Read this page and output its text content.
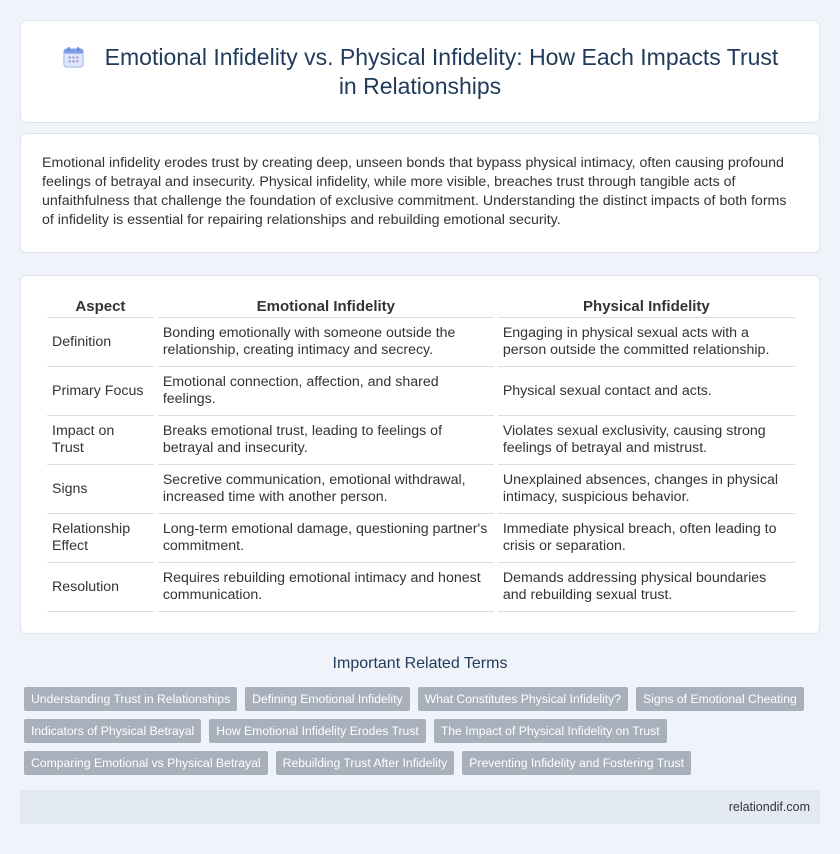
Emotional Infidelity vs. Physical Infidelity: How Each Impacts Trust in Relationships

Emotional infidelity erodes trust by creating deep, unseen bonds that bypass physical intimacy, often causing profound feelings of betrayal and insecurity. Physical infidelity, while more visible, breaches trust through tangible acts of unfaithfulness that challenge the foundation of exclusive commitment. Understanding the distinct impacts of both forms of infidelity is essential for repairing relationships and rebuilding emotional security.

Aspect	Emotional Infidelity	Physical Infidelity
Definition	Bonding emotionally with someone outside the relationship, creating intimacy and secrecy.	Engaging in physical sexual acts with a person outside the committed relationship.
Primary Focus	Emotional connection, affection, and shared feelings.	Physical sexual contact and acts.
Impact on Trust	Breaks emotional trust, leading to feelings of betrayal and insecurity.	Violates sexual exclusivity, causing strong feelings of betrayal and mistrust.
Signs	Secretive communication, emotional withdrawal, increased time with another person.	Unexplained absences, changes in physical intimacy, suspicious behavior.
Relationship Effect	Long-term emotional damage, questioning partner's commitment.	Immediate physical breach, often leading to crisis or separation.
Resolution	Requires rebuilding emotional intimacy and honest communication.	Demands addressing physical boundaries and rebuilding sexual trust.
Important Related Terms
Understanding Trust in Relationships	Defining Emotional Infidelity	What Constitutes Physical Infidelity?	Signs of Emotional Cheating
Indicators of Physical Betrayal	How Emotional Infidelity Erodes Trust	The Impact of Physical Infidelity on Trust
Comparing Emotional vs Physical Betrayal	Rebuilding Trust After Infidelity	Preventing Infidelity and Fostering Trust
relationdif.com
